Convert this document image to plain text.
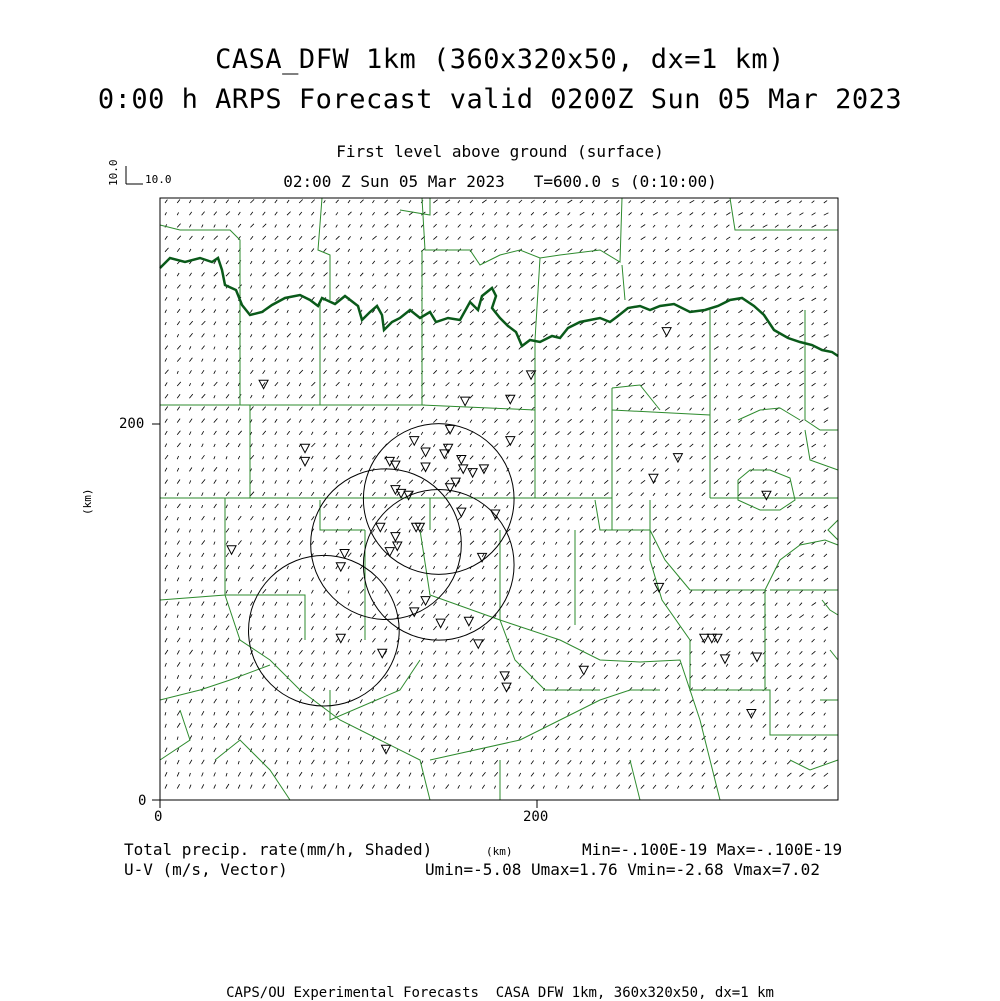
CASA_DFW 1km (360x320x50, dx=1 km)
0:00 h ARPS Forecast valid 0200Z Sun 05 Mar 2023
First level above ground (surface)
02:00 Z Sun 05 Mar 2023   T=600.0 s (0:10:00)
10.0 10.0
0	200
0
200
(km)
(km)
Total precip. rate(mm/h, Shaded)
U-V (m/s, Vector)
Min=-.100E-19 Max=-.100E-19
Umin=-5.08 Umax=1.76 Vmin=-2.68 Vmax=7.02
CAPS/OU Experimental Forecasts  CASA DFW 1km, 360x320x50, dx=1 km
